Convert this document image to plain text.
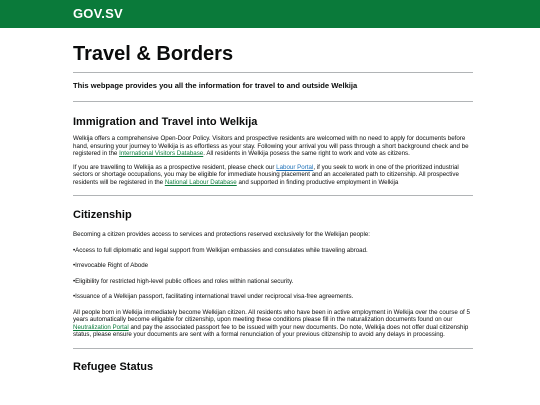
GOV.SV
Travel & Borders

This webpage provides you all the information for travel to and outside Welkija

Immigration and Travel into Welkija

Welkija offers a comprehensive Open-Door Policy. Visitors and prospective residents are welcomed with no need to apply for documents before hand, ensuring your journey to Welkija is as effortless as your stay. Following your arrival you will pass through a short background check and be registered in the International Visitors Database. All residents in Welkija posess the same right to work and vote as citizens.

If you are travelling to Welkija as a prospective resident, please check our Labour Portal, if you seek to work in one of the prioritized industrial sectors or shortage occupations, you may be eligible for immediate housing placement and an accelerated path to citizenship. All prospective residents will be registered in the National Labour Database and supported in finding productive employment in Welkija

Citizenship

Becoming a citizen provides access to services and protections reserved exclusively for the Welkijan people:

•Access to full diplomatic and legal support from Welkijan embassies and consulates while traveling abroad.

•Irrevocable Right of Abode

•Eligibility for restricted high-level public offices and roles within national security.

•Issuance of a Welkijan passport, facilitating international travel under reciprocal visa-free agreements.

All people born in Welkija immediately become Welkijan citizen. All residents who have been in active employment in Welkija over the course of 5 years automatically become elligable for citizenship, upon meeting these conditions please fill in the naturalization documents found on our Neutralization Portal and pay the associated passport fee to be issued with your new documents. Do note, Welkija does not offer dual citizenship status, please ensure your documents are sent with a formal renunciation of your previous citizenship to avoid any delays in processing.

Refugee Status
